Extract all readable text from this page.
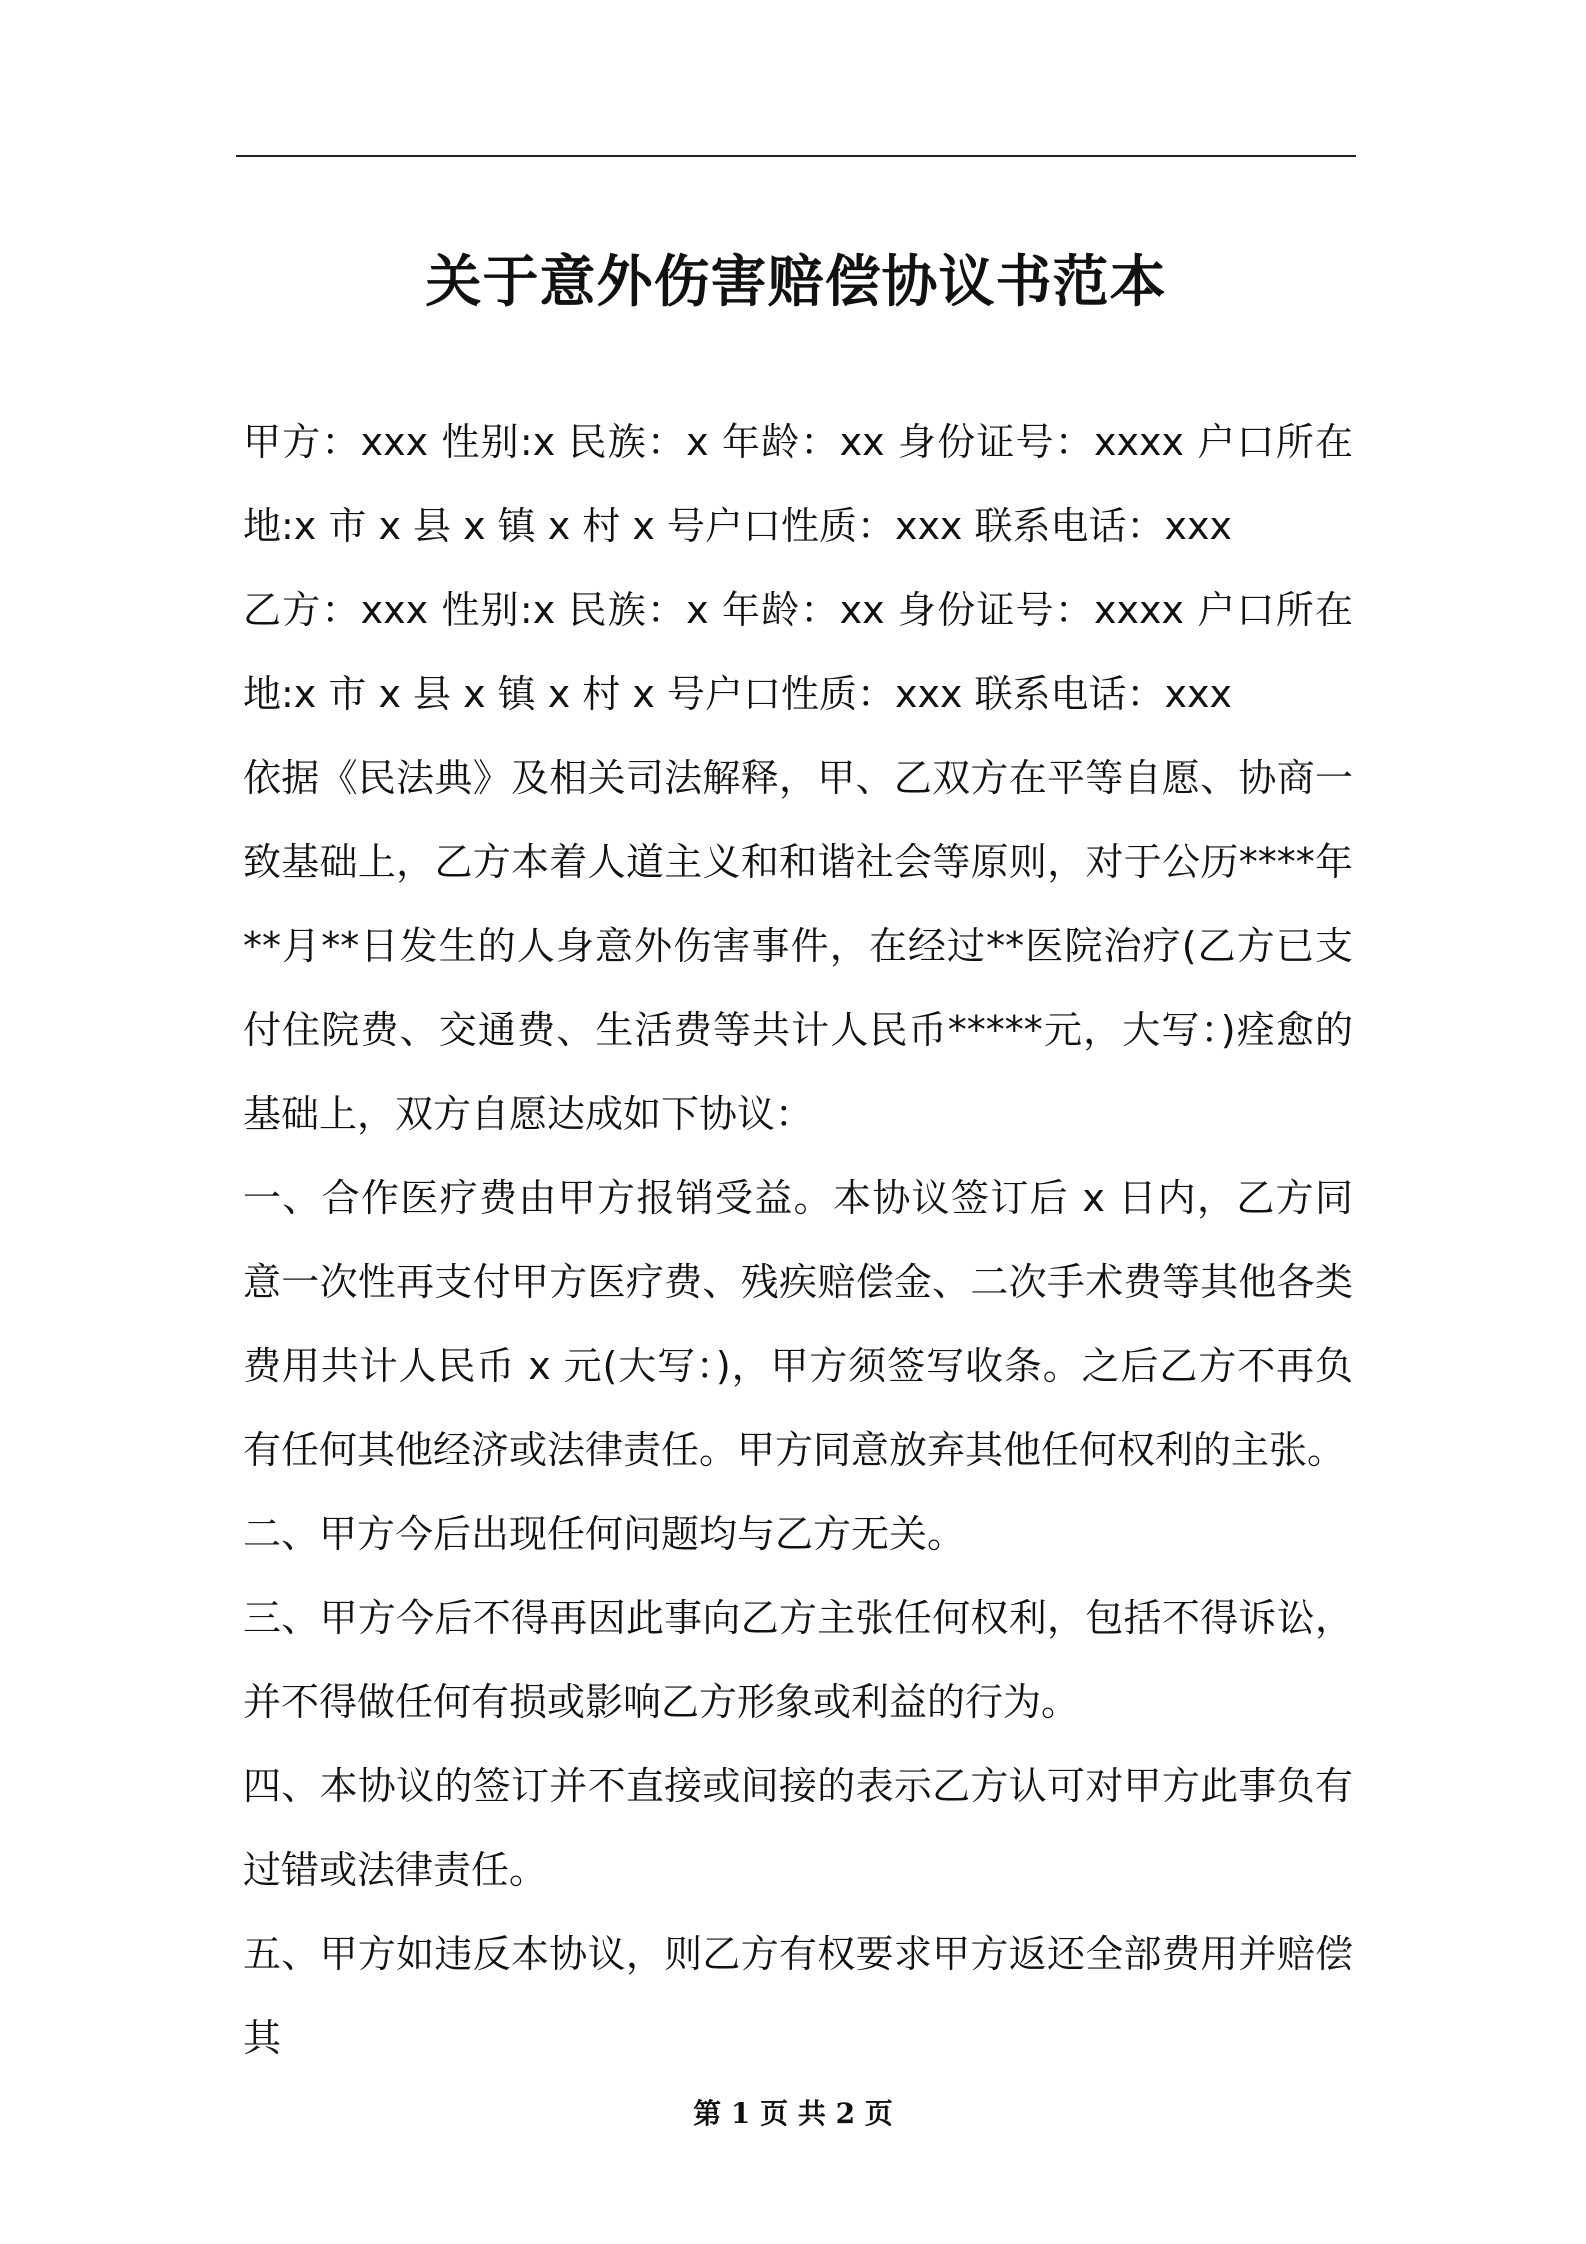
关于意外伤害赔偿协议书范本

甲方：xxx 性别:x 民族：x 年龄：xx 身份证号：xxxx 户口所在地:x 市 x 县 x 镇 x 村 x 号户口性质：xxx 联系电话：xxx

乙方：xxx 性别:x 民族：x 年龄：xx 身份证号：xxxx 户口所在地:x 市 x 县 x 镇 x 村 x 号户口性质：xxx 联系电话：xxx

依据《民法典》及相关司法解释，甲、乙双方在平等自愿、协商一致基础上，乙方本着人道主义和和谐社会等原则，对于公历****年**月**日发生的人身意外伤害事件，在经过**医院治疗(乙方已支付住院费、交通费、生活费等共计人民币*****元，大写：)痊愈的基础上，双方自愿达成如下协议：

一、合作医疗费由甲方报销受益。本协议签订后 x 日内，乙方同意一次性再支付甲方医疗费、残疾赔偿金、二次手术费等其他各类费用共计人民币 x 元(大写：)，甲方须签写收条。之后乙方不再负有任何其他经济或法律责任。甲方同意放弃其他任何权利的主张。

二、甲方今后出现任何问题均与乙方无关。

三、甲方今后不得再因此事向乙方主张任何权利，包括不得诉讼，并不得做任何有损或影响乙方形象或利益的行为。

四、本协议的签订并不直接或间接的表示乙方认可对甲方此事负有过错或法律责任。

五、甲方如违反本协议，则乙方有权要求甲方返还全部费用并赔偿其

第 1 页 共 2 页
